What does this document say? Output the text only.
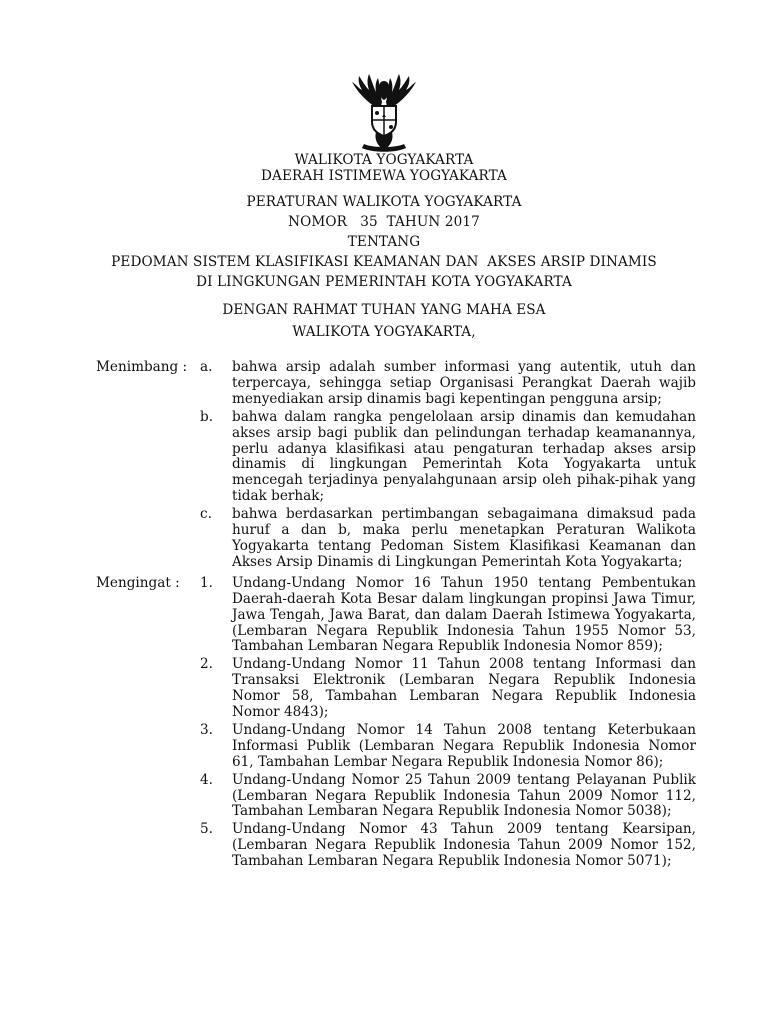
WALIKOTA YOGYAKARTA
DAERAH ISTIMEWA YOGYAKARTA
PERATURAN WALIKOTA YOGYAKARTA
NOMOR   35  TAHUN 2017
TENTANG
PEDOMAN SISTEM KLASIFIKASI KEAMANAN DAN  AKSES ARSIP DINAMIS
DI LINGKUNGAN PEMERINTAH KOTA YOGYAKARTA
DENGAN RAHMAT TUHAN YANG MAHA ESA
WALIKOTA YOGYAKARTA,
Menimbang : a.	bahwa arsip adalah sumber informasi yang autentik, utuh dan terpercaya, sehingga setiap Organisasi Perangkat Daerah wajib menyediakan arsip dinamis bagi kepentingan pengguna arsip;
b.	bahwa dalam rangka pengelolaan arsip dinamis dan kemudahan akses arsip bagi publik dan pelindungan terhadap keamanannya, perlu adanya klasifikasi atau pengaturan terhadap akses arsip dinamis di lingkungan Pemerintah Kota Yogyakarta untuk mencegah terjadinya penyalahgunaan arsip oleh pihak-pihak yang tidak berhak;
c.	bahwa berdasarkan pertimbangan sebagaimana dimaksud pada huruf a dan b, maka perlu menetapkan Peraturan Walikota Yogyakarta tentang Pedoman Sistem Klasifikasi Keamanan dan Akses Arsip Dinamis di Lingkungan Pemerintah Kota Yogyakarta;
Mengingat :	1.	Undang-Undang Nomor 16 Tahun 1950 tentang Pembentukan Daerah-daerah Kota Besar dalam lingkungan propinsi Jawa Timur, Jawa Tengah, Jawa Barat, dan dalam Daerah Istimewa Yogyakarta, (Lembaran Negara Republik Indonesia Tahun 1955 Nomor 53, Tambahan Lembaran Negara Republik Indonesia Nomor 859);
2.	Undang-Undang Nomor 11 Tahun 2008 tentang Informasi dan Transaksi Elektronik (Lembaran Negara Republik Indonesia Nomor 58, Tambahan Lembaran Negara Republik Indonesia Nomor 4843);
3.	Undang-Undang Nomor 14 Tahun 2008 tentang Keterbukaan Informasi Publik (Lembaran Negara Republik Indonesia Nomor 61, Tambahan Lembar Negara Republik Indonesia Nomor 86);
4.	Undang-Undang Nomor 25 Tahun 2009 tentang Pelayanan Publik (Lembaran Negara Republik Indonesia Tahun 2009 Nomor 112, Tambahan Lembaran Negara Republik Indonesia Nomor 5038);
5.	Undang-Undang Nomor 43 Tahun 2009 tentang Kearsipan, (Lembaran Negara Republik Indonesia Tahun 2009 Nomor 152, Tambahan Lembaran Negara Republik Indonesia Nomor 5071);
